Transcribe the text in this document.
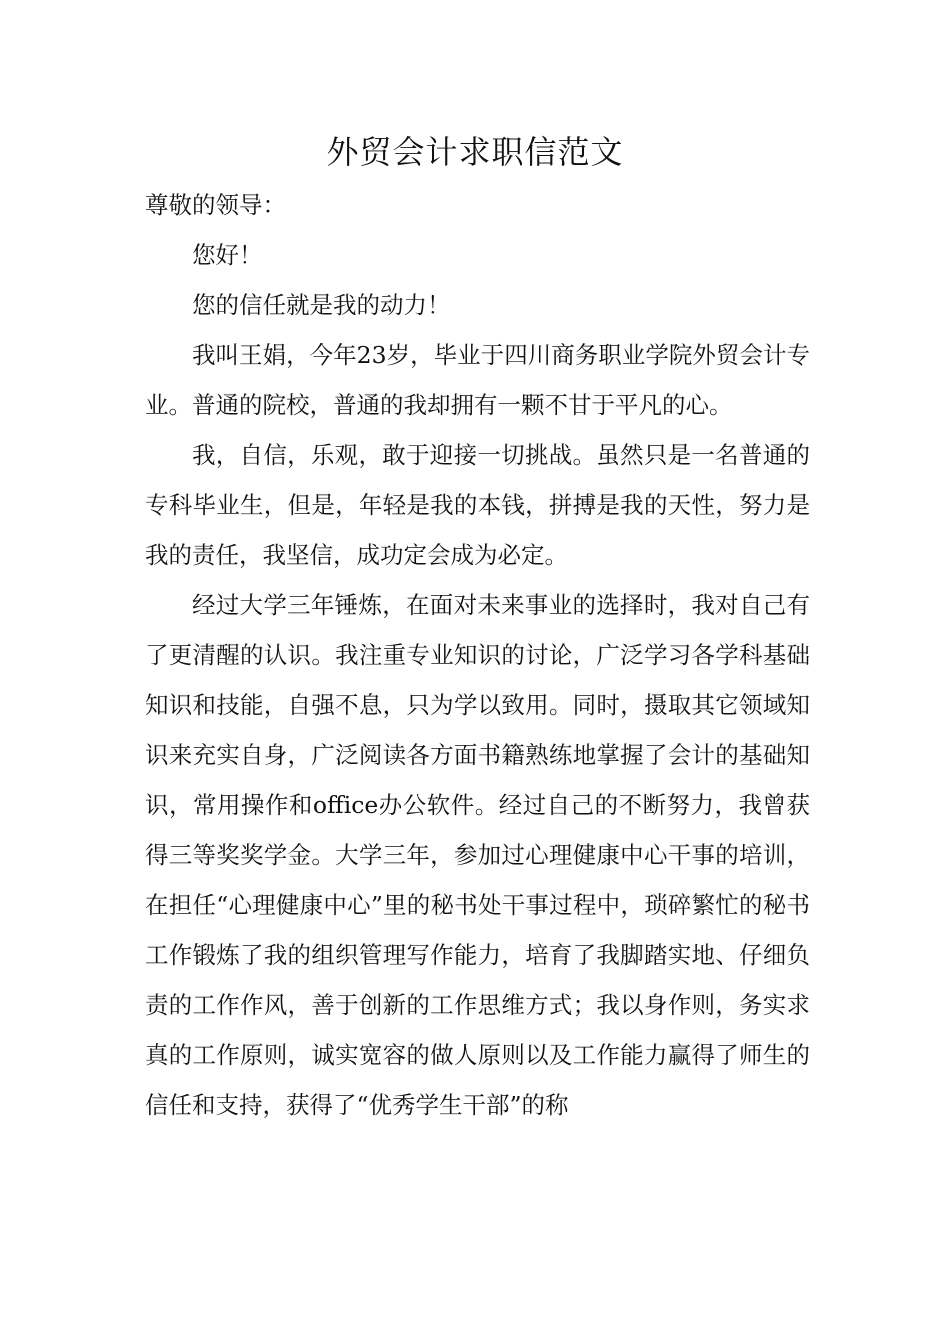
外贸会计求职信范文

尊敬的领导：

您好！

您的信任就是我的动力！

我叫王娟，今年23岁，毕业于四川商务职业学院外贸会计专业。普通的院校，普通的我却拥有一颗不甘于平凡的心。

我，自信，乐观，敢于迎接一切挑战。虽然只是一名普通的专科毕业生，但是，年轻是我的本钱，拼搏是我的天性，努力是我的责任，我坚信，成功定会成为必定。

经过大学三年锤炼，在面对未来事业的选择时，我对自己有了更清醒的认识。我注重专业知识的讨论，广泛学习各学科基础知识和技能，自强不息，只为学以致用。同时，摄取其它领域知识来充实自身，广泛阅读各方面书籍熟练地掌握了会计的基础知识，常用操作和office办公软件。经过自己的不断努力，我曾获得三等奖奖学金。大学三年，参加过心理健康中心干事的培训，在担任“心理健康中心”里的秘书处干事过程中，琐碎繁忙的秘书工作锻炼了我的组织管理写作能力，培育了我脚踏实地、仔细负责的工作作风，善于创新的工作思维方式；我以身作则，务实求真的工作原则，诚实宽容的做人原则以及工作能力赢得了师生的信任和支持，获得了“优秀学生干部”的称
